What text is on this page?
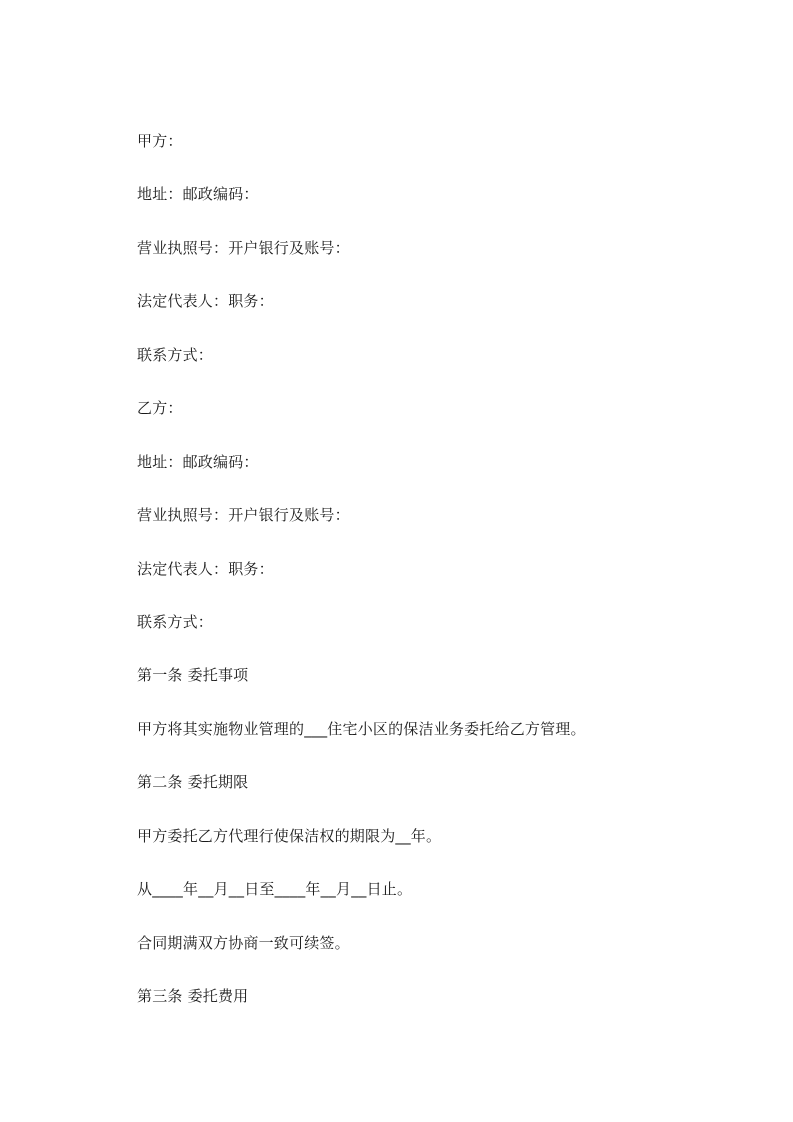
甲方：
地址：邮政编码：
营业执照号：开户银行及账号：
法定代表人：职务：
联系方式：
乙方：
地址：邮政编码：
营业执照号：开户银行及账号：
法定代表人：职务：
联系方式：
第一条 委托事项
甲方将其实施物业管理的___住宅小区的保洁业务委托给乙方管理。
第二条 委托期限
甲方委托乙方代理行使保洁权的期限为__年。
从____年__月__日至____年__月__日止。
合同期满双方协商一致可续签。
第三条 委托费用
